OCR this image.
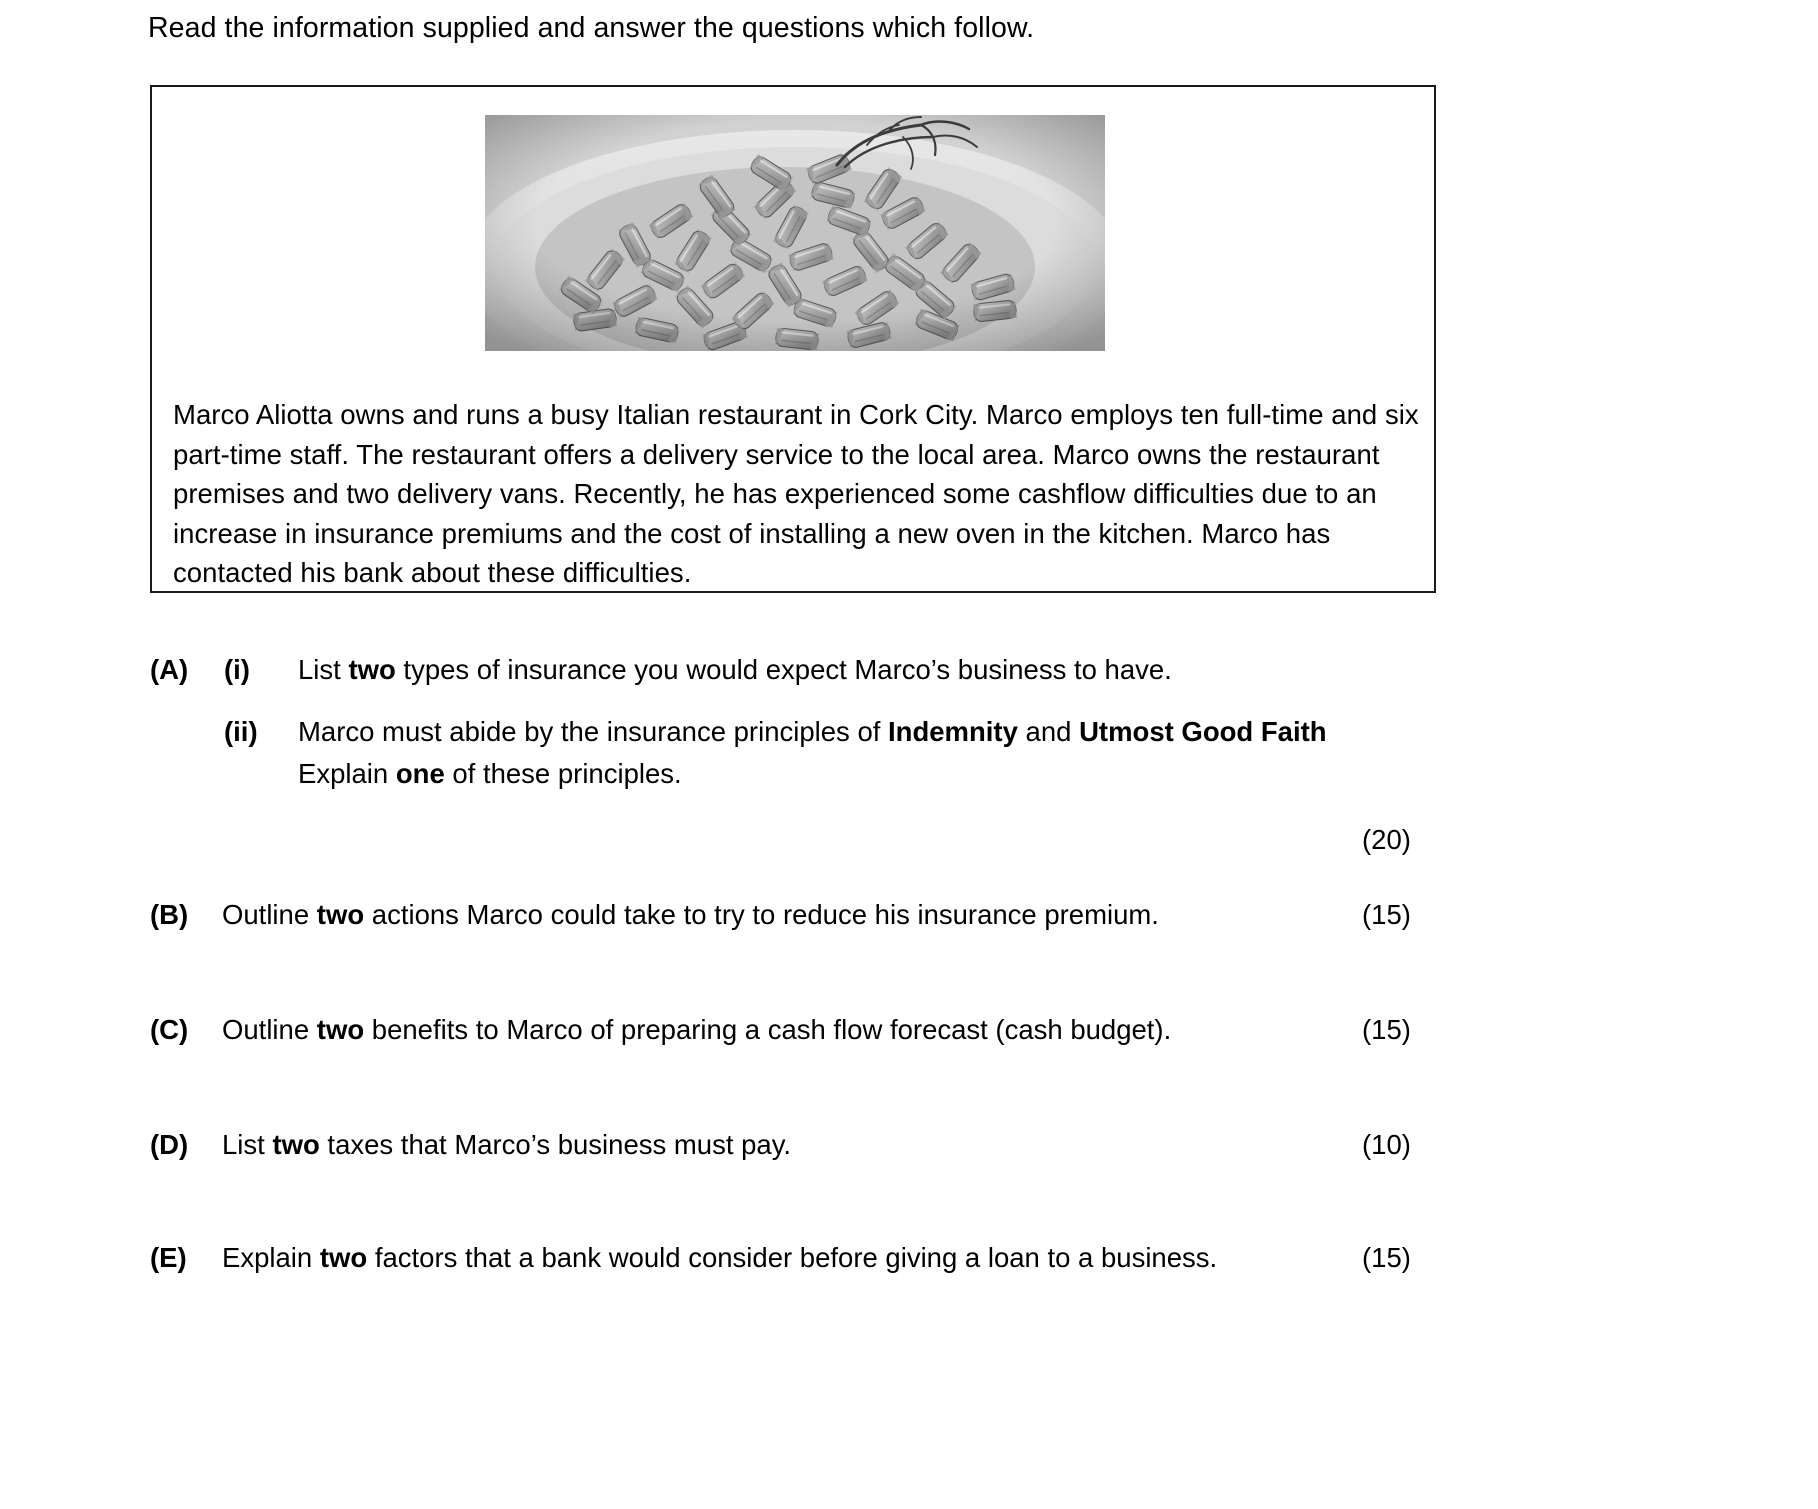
Read the information supplied and answer the questions which follow.
Marco Aliotta owns and runs a busy Italian restaurant in Cork City. Marco employs ten full-time and six part-time staff. The restaurant offers a delivery service to the local area. Marco owns the restaurant premises and two delivery vans. Recently, he has experienced some cashflow difficulties due to an increase in insurance premiums and the cost of installing a new oven in the kitchen. Marco has contacted his bank about these difficulties.
(A) (i) List two types of insurance you would expect Marco’s business to have.
(ii) Marco must abide by the insurance principles of Indemnity and Utmost Good Faith
Explain one of these principles.
(20)
(B) Outline two actions Marco could take to try to reduce his insurance premium.	(15)
(C) Outline two benefits to Marco of preparing a cash flow forecast (cash budget).	(15)
(D) List two taxes that Marco’s business must pay.	(10)
(E) Explain two factors that a bank would consider before giving a loan to a business.	(15)
